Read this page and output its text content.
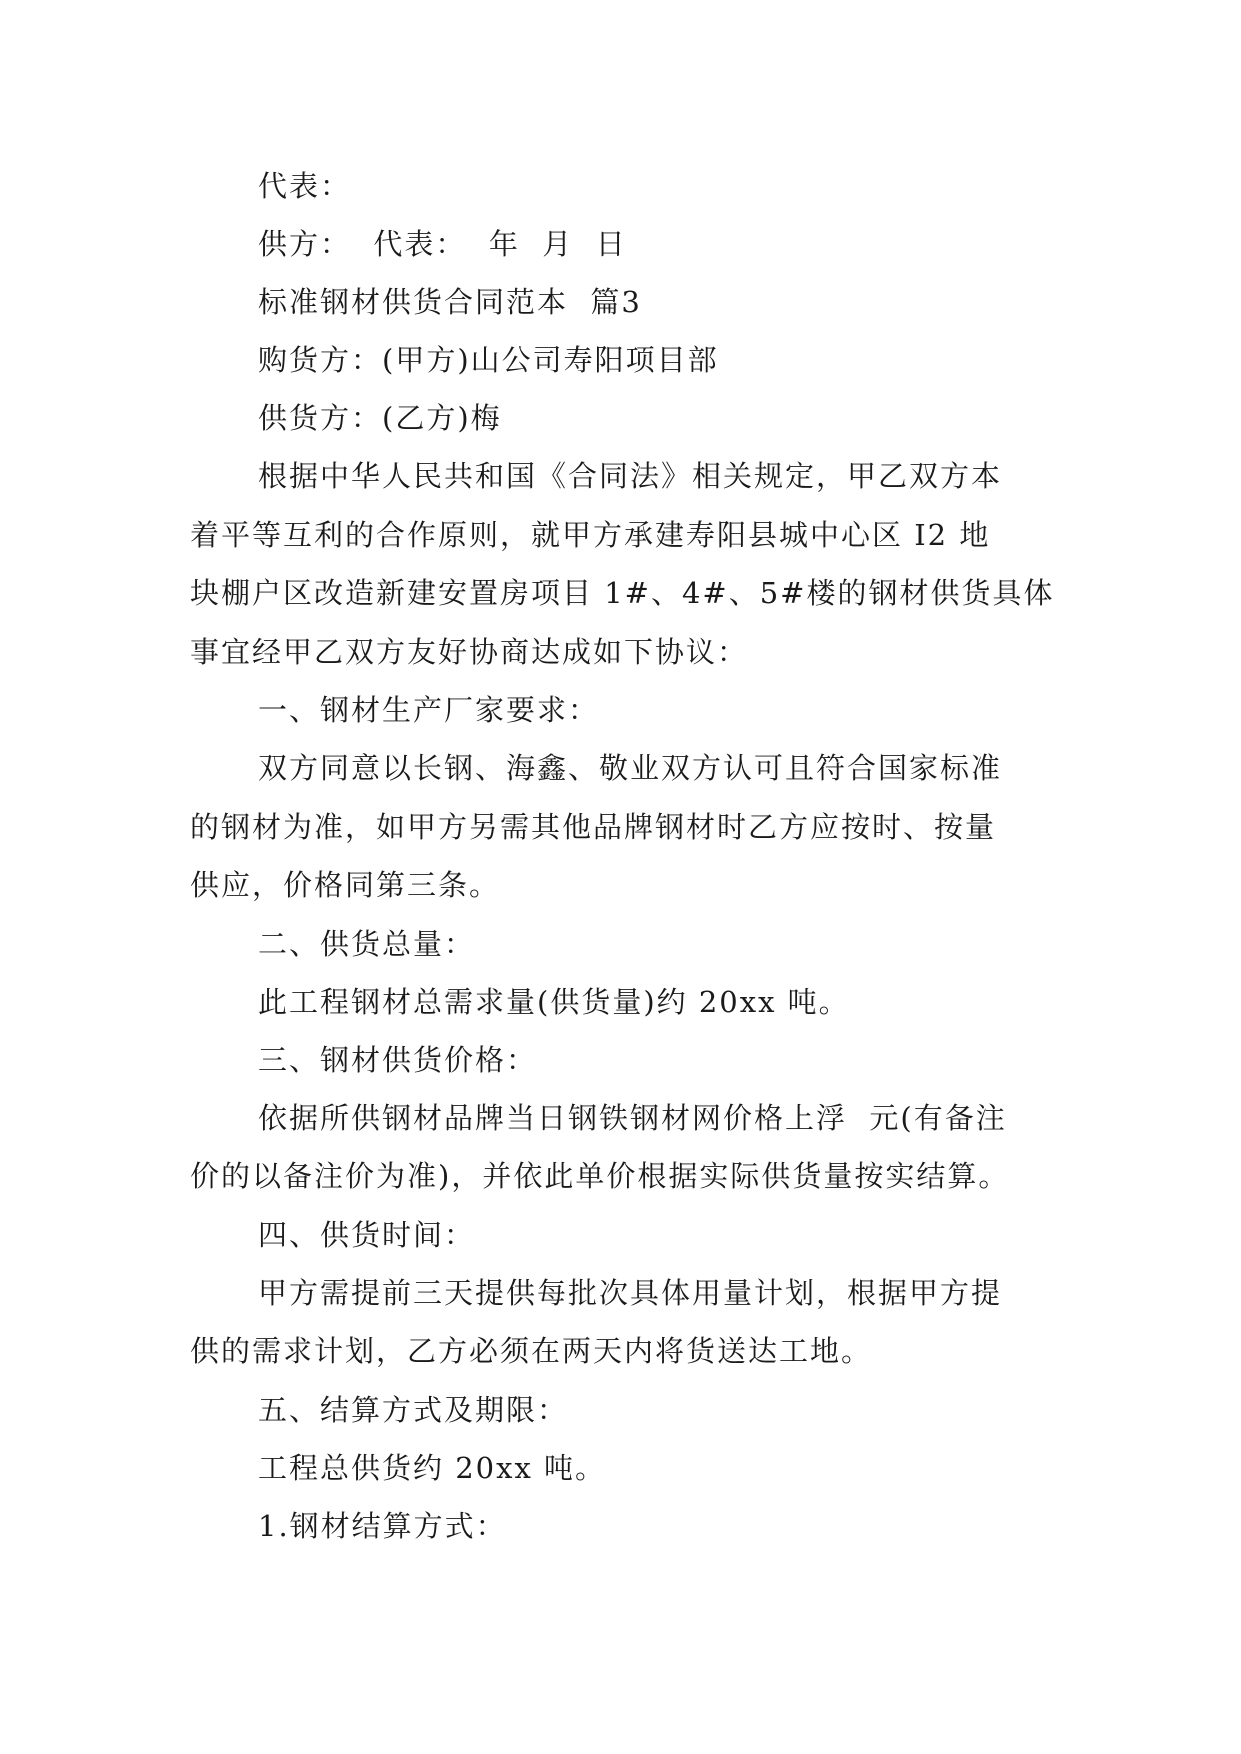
代表：
供方：  代表：  年  月  日
标准钢材供货合同范本  篇3
购货方：(甲方)山公司寿阳项目部
供货方：(乙方)梅
根据中华人民共和国《合同法》相关规定，甲乙双方本
着平等互利的合作原则，就甲方承建寿阳县城中心区 I2 地
块棚户区改造新建安置房项目 1#、4#、5#楼的钢材供货具体
事宜经甲乙双方友好协商达成如下协议：
一、钢材生产厂家要求：
双方同意以长钢、海鑫、敬业双方认可且符合国家标准
的钢材为准，如甲方另需其他品牌钢材时乙方应按时、按量
供应，价格同第三条。
二、供货总量：
此工程钢材总需求量(供货量)约 20xx 吨。
三、钢材供货价格：
依据所供钢材品牌当日钢铁钢材网价格上浮  元(有备注
价的以备注价为准)，并依此单价根据实际供货量按实结算。
四、供货时间：
甲方需提前三天提供每批次具体用量计划，根据甲方提
供的需求计划，乙方必须在两天内将货送达工地。
五、结算方式及期限：
工程总供货约 20xx 吨。
1.钢材结算方式：
